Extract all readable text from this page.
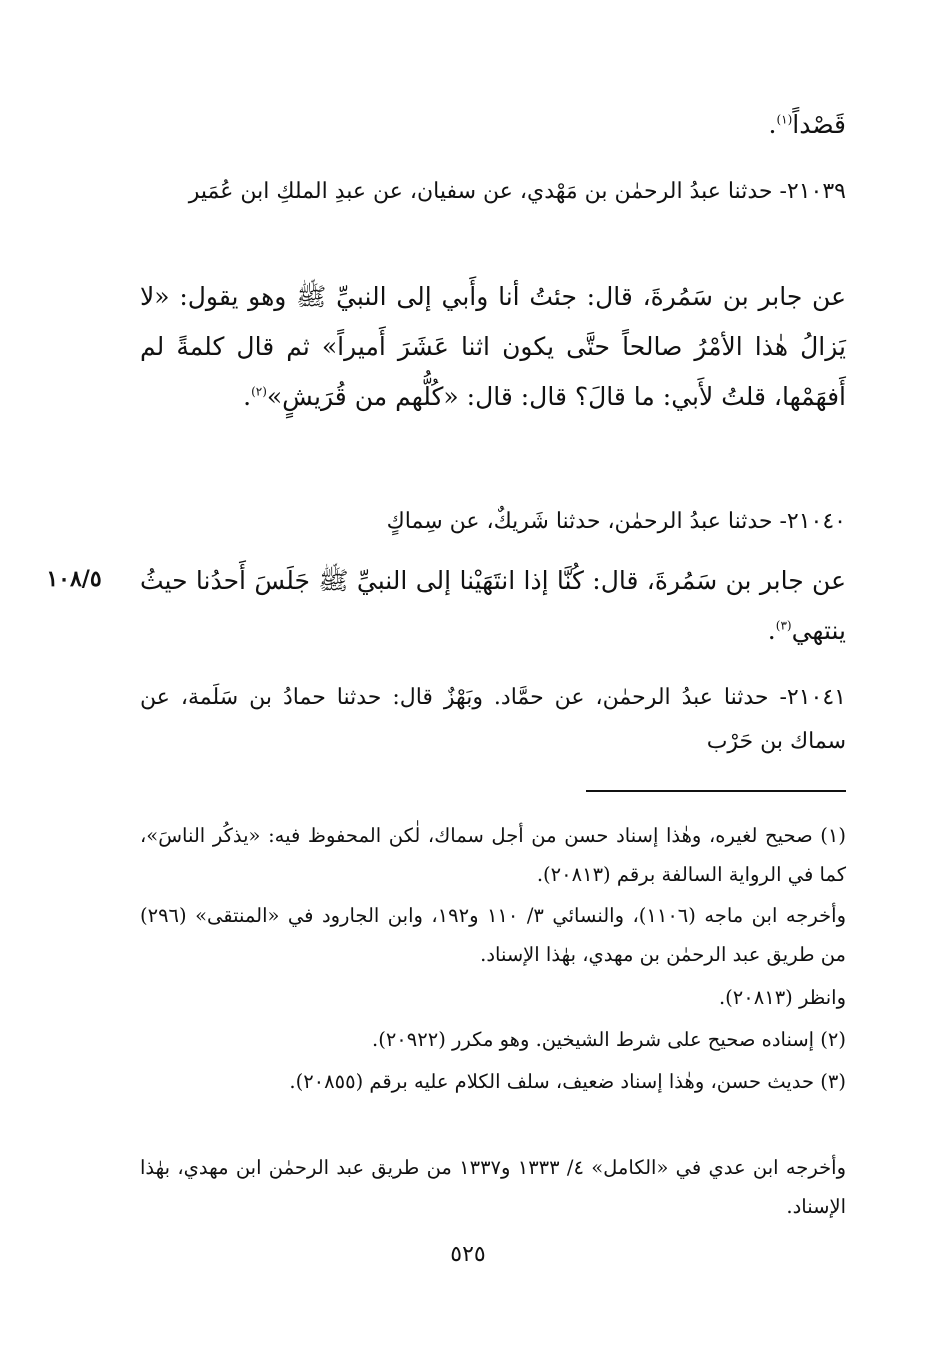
قَصْداً$^{(١)}$.
٢١٠٣٩- حدثنا عبدُ الرحمٰن بن مَهْدي، عن سفيان، عن عبدِ الملكِ ابن عُمَير
عن جابر بن سَمُرةَ، قال: جئتُ أنا وأَبي إلى النبيِّ ﷺ وهو يقول: «لا يَزالُ هٰذا الأمْرُ صالحاً حتَّى يكون اثنا عَشَرَ أَميراً» ثم قال كلمةً لم أَفهَمْها، قلتُ لأَبي: ما قالَ؟ قال: قال: «كُلُّهم من قُرَيشٍ»$^{(٢)}$.
٢١٠٤٠- حدثنا عبدُ الرحمٰن، حدثنا شَريكٌ، عن سِماكٍ
١٠٨/٥	عن جابر بن سَمُرةَ، قال: كُنَّا إذا انتَهَيْنا إلى النبيِّ ﷺ جَلَسَ أَحدُنا حيثُ ينتهي$^{(٣)}$.
٢١٠٤١- حدثنا عبدُ الرحمٰن، عن حمَّاد. وبَهْزٌ قال: حدثنا حمادُ بن سَلَمة، عن سماك بن حَرْب
(١) صحيح لغيره، وهٰذا إسناد حسن من أجل سماك، لٰكن المحفوظ فيه: «يذكُر الناسَ»، كما في الرواية السالفة برقم (٢٠٨١٣).
وأخرجه ابن ماجه (١١٠٦)، والنسائي ٣/ ١١٠ و١٩٢، وابن الجارود في «المنتقى» (٢٩٦) من طريق عبد الرحمٰن بن مهدي، بهٰذا الإسناد.
وانظر (٢٠٨١٣).
(٢) إسناده صحيح على شرط الشيخين. وهو مكرر (٢٠٩٢٢).
(٣) حديث حسن، وهٰذا إسناد ضعيف، سلف الكلام عليه برقم (٢٠٨٥٥).
وأخرجه ابن عدي في «الكامل» ٤/ ١٣٣٣ و١٣٣٧ من طريق عبد الرحمٰن ابن مهدي، بهٰذا الإسناد.
٥٢٥
